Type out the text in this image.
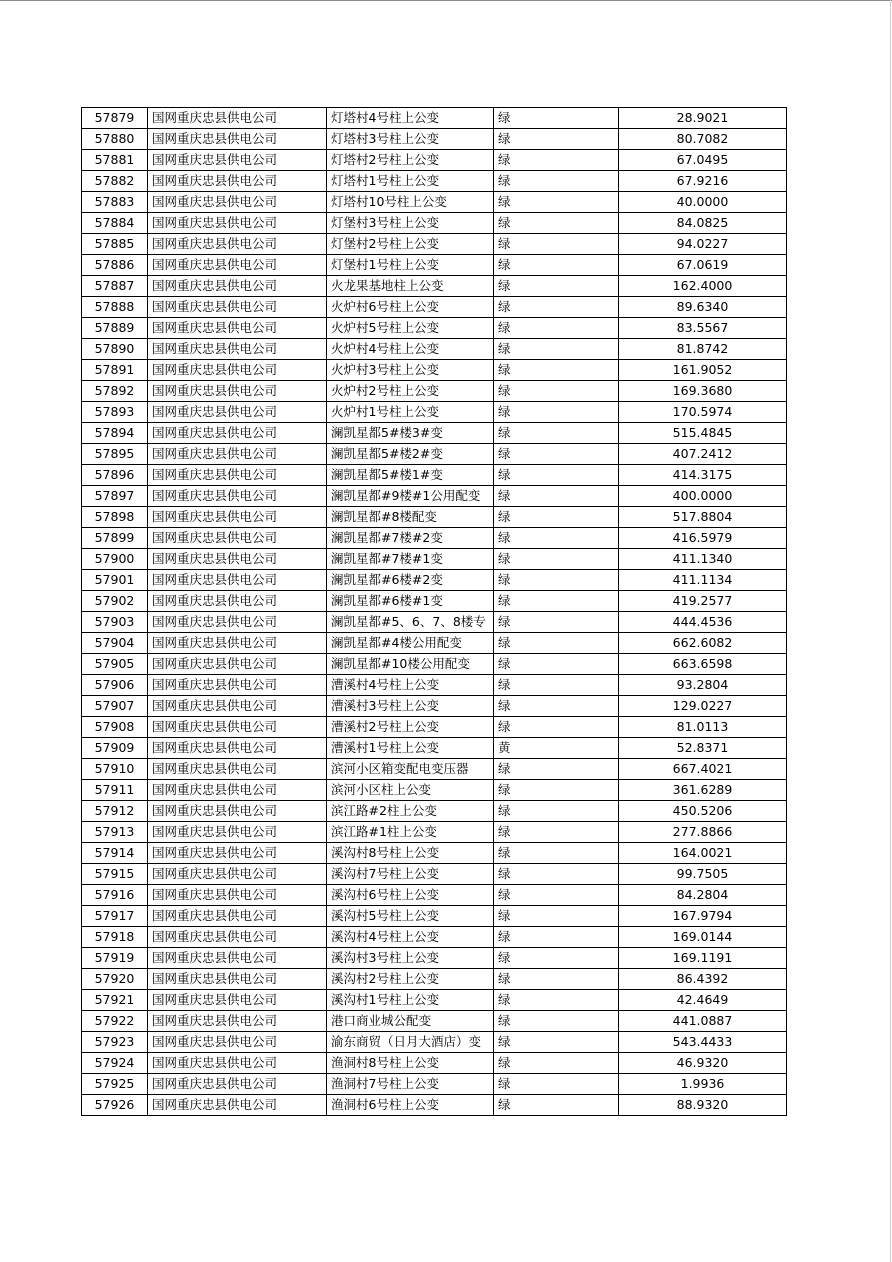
57879	国网重庆忠县供电公司	灯塔村4号柱上公变	绿	28.9021
57880	国网重庆忠县供电公司	灯塔村3号柱上公变	绿	80.7082
57881	国网重庆忠县供电公司	灯塔村2号柱上公变	绿	67.0495
57882	国网重庆忠县供电公司	灯塔村1号柱上公变	绿	67.9216
57883	国网重庆忠县供电公司	灯塔村10号柱上公变	绿	40.0000
57884	国网重庆忠县供电公司	灯堡村3号柱上公变	绿	84.0825
57885	国网重庆忠县供电公司	灯堡村2号柱上公变	绿	94.0227
57886	国网重庆忠县供电公司	灯堡村1号柱上公变	绿	67.0619
57887	国网重庆忠县供电公司	火龙果基地柱上公变	绿	162.4000
57888	国网重庆忠县供电公司	火炉村6号柱上公变	绿	89.6340
57889	国网重庆忠县供电公司	火炉村5号柱上公变	绿	83.5567
57890	国网重庆忠县供电公司	火炉村4号柱上公变	绿	81.8742
57891	国网重庆忠县供电公司	火炉村3号柱上公变	绿	161.9052
57892	国网重庆忠县供电公司	火炉村2号柱上公变	绿	169.3680
57893	国网重庆忠县供电公司	火炉村1号柱上公变	绿	170.5974
57894	国网重庆忠县供电公司	澜凯星都5#楼3#变	绿	515.4845
57895	国网重庆忠县供电公司	澜凯星都5#楼2#变	绿	407.2412
57896	国网重庆忠县供电公司	澜凯星都5#楼1#变	绿	414.3175
57897	国网重庆忠县供电公司	澜凯星都#9楼#1公用配变	绿	400.0000
57898	国网重庆忠县供电公司	澜凯星都#8楼配变	绿	517.8804
57899	国网重庆忠县供电公司	澜凯星都#7楼#2变	绿	416.5979
57900	国网重庆忠县供电公司	澜凯星都#7楼#1变	绿	411.1340
57901	国网重庆忠县供电公司	澜凯星都#6楼#2变	绿	411.1134
57902	国网重庆忠县供电公司	澜凯星都#6楼#1变	绿	419.2577
57903	国网重庆忠县供电公司	澜凯星都#5、6、7、8楼专	绿	444.4536
57904	国网重庆忠县供电公司	澜凯星都#4楼公用配变	绿	662.6082
57905	国网重庆忠县供电公司	澜凯星都#10楼公用配变	绿	663.6598
57906	国网重庆忠县供电公司	漕溪村4号柱上公变	绿	93.2804
57907	国网重庆忠县供电公司	漕溪村3号柱上公变	绿	129.0227
57908	国网重庆忠县供电公司	漕溪村2号柱上公变	绿	81.0113
57909	国网重庆忠县供电公司	漕溪村1号柱上公变	黄	52.8371
57910	国网重庆忠县供电公司	滨河小区箱变配电变压器	绿	667.4021
57911	国网重庆忠县供电公司	滨河小区柱上公变	绿	361.6289
57912	国网重庆忠县供电公司	滨江路#2柱上公变	绿	450.5206
57913	国网重庆忠县供电公司	滨江路#1柱上公变	绿	277.8866
57914	国网重庆忠县供电公司	溪沟村8号柱上公变	绿	164.0021
57915	国网重庆忠县供电公司	溪沟村7号柱上公变	绿	99.7505
57916	国网重庆忠县供电公司	溪沟村6号柱上公变	绿	84.2804
57917	国网重庆忠县供电公司	溪沟村5号柱上公变	绿	167.9794
57918	国网重庆忠县供电公司	溪沟村4号柱上公变	绿	169.0144
57919	国网重庆忠县供电公司	溪沟村3号柱上公变	绿	169.1191
57920	国网重庆忠县供电公司	溪沟村2号柱上公变	绿	86.4392
57921	国网重庆忠县供电公司	溪沟村1号柱上公变	绿	42.4649
57922	国网重庆忠县供电公司	港口商业城公配变	绿	441.0887
57923	国网重庆忠县供电公司	渝东商贸（日月大酒店）变	绿	543.4433
57924	国网重庆忠县供电公司	渔洞村8号柱上公变	绿	46.9320
57925	国网重庆忠县供电公司	渔洞村7号柱上公变	绿	1.9936
57926	国网重庆忠县供电公司	渔洞村6号柱上公变	绿	88.9320
